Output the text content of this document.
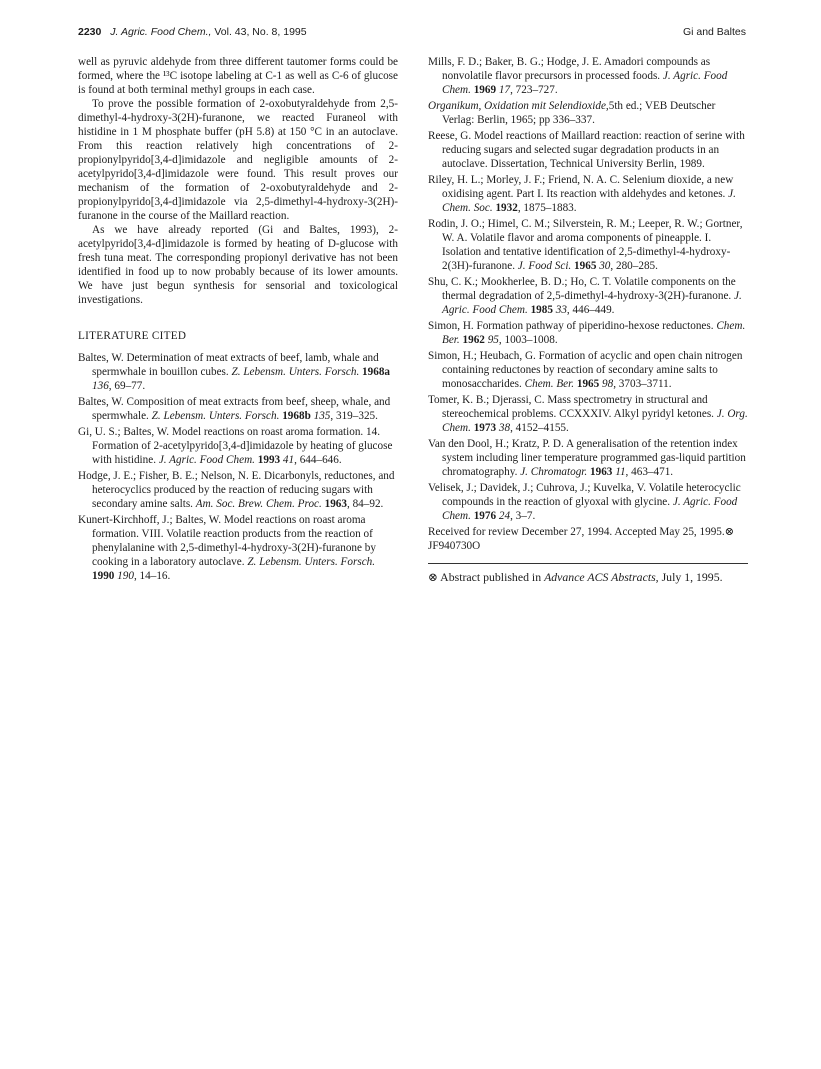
2230 J. Agric. Food Chem., Vol. 43, No. 8, 1995	Gi and Baltes

well as pyruvic aldehyde from three different tautomer forms could be formed, where the ¹³C isotope labeling at C-1 as well as C-6 of glucose is found at both terminal methyl groups in each case.

To prove the possible formation of 2-oxobutyraldehyde from 2,5-dimethyl-4-hydroxy-3(2H)-furanone, we reacted Furaneol with histidine in 1 M phosphate buffer (pH 5.8) at 150 °C in an autoclave. From this reaction relatively high concentrations of 2-propionylpyrido[3,4-d]imidazole and negligible amounts of 2-acetylpyrido[3,4-d]imidazole were found. This result proves our mechanism of the formation of 2-oxobutyraldehyde and 2-propionylpyrido[3,4-d]imidazole via 2,5-dimethyl-4-hydroxy-3(2H)-furanone in the course of the Maillard reaction.

As we have already reported (Gi and Baltes, 1993), 2-acetylpyrido[3,4-d]imidazole is formed by heating of D-glucose with fresh tuna meat. The corresponding propionyl derivative has not been identified in food up to now probably because of its lower amounts. We have just begun synthesis for sensorial and toxicological investigations.

LITERATURE CITED

Baltes, W. Determination of meat extracts of beef, lamb, whale and spermwhale in bouillon cubes. Z. Lebensm. Unters. Forsch. 1968a 136, 69–77.

Baltes, W. Composition of meat extracts from beef, sheep, whale, and spermwhale. Z. Lebensm. Unters. Forsch. 1968b 135, 319–325.

Gi, U. S.; Baltes, W. Model reactions on roast aroma formation. 14. Formation of 2-acetylpyrido[3,4-d]imidazole by heating of glucose with histidine. J. Agric. Food Chem. 1993 41, 644–646.

Hodge, J. E.; Fisher, B. E.; Nelson, N. E. Dicarbonyls, reductones, and heterocyclics produced by the reaction of reducing sugars with secondary amine salts. Am. Soc. Brew. Chem. Proc. 1963, 84–92.

Kunert-Kirchhoff, J.; Baltes, W. Model reactions on roast aroma formation. VIII. Volatile reaction products from the reaction of phenylalanine with 2,5-dimethyl-4-hydroxy-3(2H)-furanone by cooking in a laboratory autoclave. Z. Lebensm. Unters. Forsch. 1990 190, 14–16.

Mills, F. D.; Baker, B. G.; Hodge, J. E. Amadori compounds as nonvolatile flavor precursors in processed foods. J. Agric. Food Chem. 1969 17, 723–727.

Organikum, Oxidation mit Selendioxide,5th ed.; VEB Deutscher Verlag: Berlin, 1965; pp 336–337.

Reese, G. Model reactions of Maillard reaction: reaction of serine with reducing sugars and selected sugar degradation products in an autoclave. Dissertation, Technical University Berlin, 1989.

Riley, H. L.; Morley, J. F.; Friend, N. A. C. Selenium dioxide, a new oxidising agent. Part I. Its reaction with aldehydes and ketones. J. Chem. Soc. 1932, 1875–1883.

Rodin, J. O.; Himel, C. M.; Silverstein, R. M.; Leeper, R. W.; Gortner, W. A. Volatile flavor and aroma components of pineapple. I. Isolation and tentative identification of 2,5-dimethyl-4-hydroxy-2(3H)-furanone. J. Food Sci. 1965 30, 280–285.

Shu, C. K.; Mookherlee, B. D.; Ho, C. T. Volatile components on the thermal degradation of 2,5-dimethyl-4-hydroxy-3(2H)-furanone. J. Agric. Food Chem. 1985 33, 446–449.

Simon, H. Formation pathway of piperidino-hexose reductones. Chem. Ber. 1962 95, 1003–1008.

Simon, H.; Heubach, G. Formation of acyclic and open chain nitrogen containing reductones by reaction of secondary amine salts to monosaccharides. Chem. Ber. 1965 98, 3703–3711.

Tomer, K. B.; Djerassi, C. Mass spectrometry in structural and stereochemical problems. CCXXXIV. Alkyl pyridyl ketones. J. Org. Chem. 1973 38, 4152–4155.

Van den Dool, H.; Kratz, P. D. A generalisation of the retention index system including liner temperature programmed gas-liquid partition chromatography. J. Chromatogr. 1963 11, 463–471.

Velisek, J.; Davidek, J.; Cuhrova, J.; Kuvelka, V. Volatile heterocyclic compounds in the reaction of glyoxal with glycine. J. Agric. Food Chem. 1976 24, 3–7.

Received for review December 27, 1994. Accepted May 25, 1995.⊗

JF940730O

⊗ Abstract published in Advance ACS Abstracts, July 1, 1995.
